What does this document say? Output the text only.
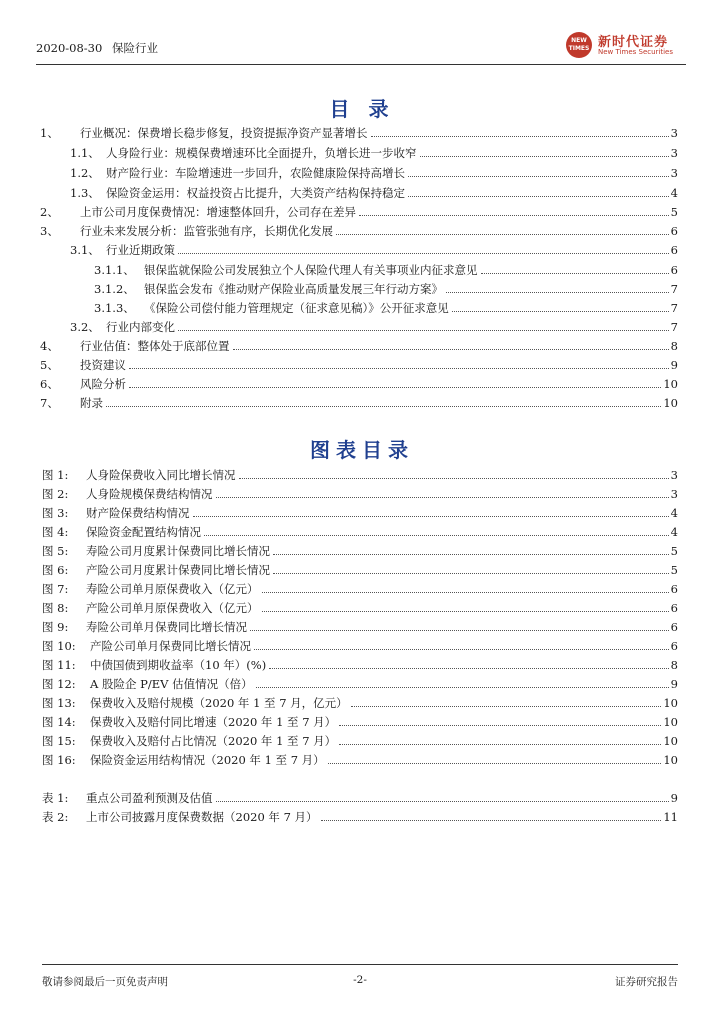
2020-08-30 保险行业
NEW TIMES 新时代证券
New Times Securities
目 录
1、	行业概况：保费增长稳步修复，投资提振净资产显著增长	3
1.1、 人身险行业：规模保费增速环比全面提升，负增长进一步收窄	3
1.2、 财产险行业：车险增速进一步回升，农险健康险保持高增长	3
1.3、 保险资金运用：权益投资占比提升，大类资产结构保持稳定	4
2、	上市公司月度保费情况：增速整体回升，公司存在差异	5
3、	行业未来发展分析：监管张弛有序，长期优化发展	6
3.1、 行业近期政策	6
3.1.1、 银保监就保险公司发展独立个人保险代理人有关事项业内征求意见	6
3.1.2、 银保监会发布《推动财产保险业高质量发展三年行动方案》	7
3.1.3、 《保险公司偿付能力管理规定（征求意见稿）》公开征求意见	7
3.2、 行业内部变化	7
4、	行业估值：整体处于底部位置	8
5、	投资建议	9
6、	风险分析	10
7、	附录	10
图表目录
图 1:	人身险保费收入同比增长情况	3
图 2:	人身险规模保费结构情况	3
图 3:	财产险保费结构情况	4
图 4:	保险资金配置结构情况	4
图 5:	寿险公司月度累计保费同比增长情况	5
图 6:	产险公司月度累计保费同比增长情况	5
图 7:	寿险公司单月原保费收入（亿元）	6
图 8:	产险公司单月原保费收入（亿元）	6
图 9:	寿险公司单月保费同比增长情况	6
图 10:	产险公司单月保费同比增长情况	6
图 11:	中债国债到期收益率（10 年）(%)	8
图 12:	A 股险企 P/EV 估值情况（倍）	9
图 13:	保费收入及赔付规模（2020 年 1 至 7 月，亿元）	10
图 14:	保费收入及赔付同比增速（2020 年 1 至 7 月）	10
图 15:	保费收入及赔付占比情况（2020 年 1 至 7 月）	10
图 16:	保险资金运用结构情况（2020 年 1 至 7 月）	10
表 1:	重点公司盈利预测及估值	9
表 2:	上市公司披露月度保费数据（2020 年 7 月）	11
敬请参阅最后一页免责声明	-2-	证券研究报告
